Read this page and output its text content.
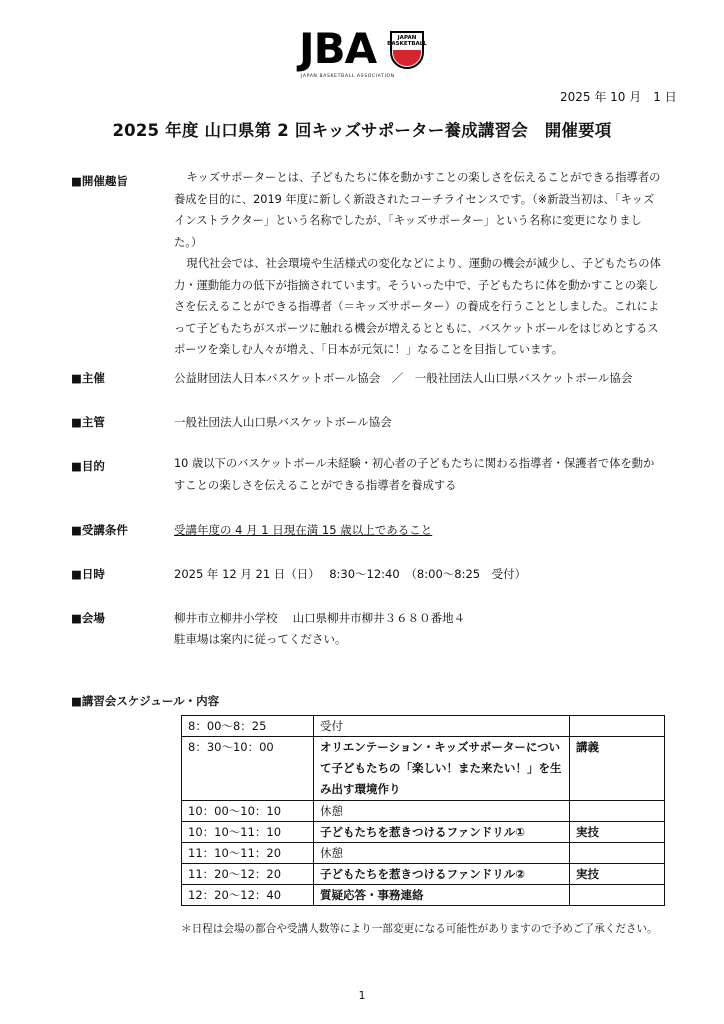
JBA	JAPAN
BASKETBALL
JAPAN BASKETBALL ASSOCIATION
2025 年 10 月　1 日
2025 年度 山口県第 2 回キッズサポーター養成講習会　開催要項
■開催趣旨	キッズサポーターとは、子どもたちに体を動かすことの楽しさを伝えることができる指導者の養成を目的に、2019 年度に新しく新設されたコーチライセンスです。（※新設当初は、「キッズインストラクター」という名称でしたが、「キッズサポーター」という名称に変更になりました。）

現代社会では、社会環境や生活様式の変化などにより、運動の機会が減少し、子どもたちの体力・運動能力の低下が指摘されています。そういった中で、子どもたちに体を動かすことの楽しさを伝えることができる指導者（＝キッズサポーター）の養成を行うこととしました。これによって子どもたちがスポーツに触れる機会が増えるとともに、バスケットボールをはじめとするスポーツを楽しむ人々が増え、「日本が元気に！」なることを目指しています。

■主催	公益財団法人日本バスケットボール協会　／　一般社団法人山口県バスケットボール協会
■主管	一般社団法人山口県バスケットボール協会
■目的	10 歳以下のバスケットボール未経験・初心者の子どもたちに関わる指導者・保護者で体を動かすことの楽しさを伝えることができる指導者を養成する
■受講条件	受講年度の 4 月 1 日現在満 15 歳以上であること
■日時	2025 年 12 月 21 日（日）　 8:30～12:40　（8:00～8:25　受付）
■会場	柳井市立柳井小学校　 山口県柳井市柳井３６８０番地４
駐車場は案内に従ってください。
■講習会スケジュール・内容
8：00～8：25	受付	
8：30～10：00	オリエンテーション・キッズサポーターについて子どもたちの「楽しい！また来たい！」を生み出す環境作り	講義
10：00～10：10	休憩	
10：10～11：10	子どもたちを惹きつけるファンドリル①	実技
11：10～11：20	休憩	
11：20～12：20	子どもたちを惹きつけるファンドリル②	実技
12：20～12：40	質疑応答・事務連絡	
＊日程は会場の都合や受講人数等により一部変更になる可能性がありますので予めご了承ください。
1
